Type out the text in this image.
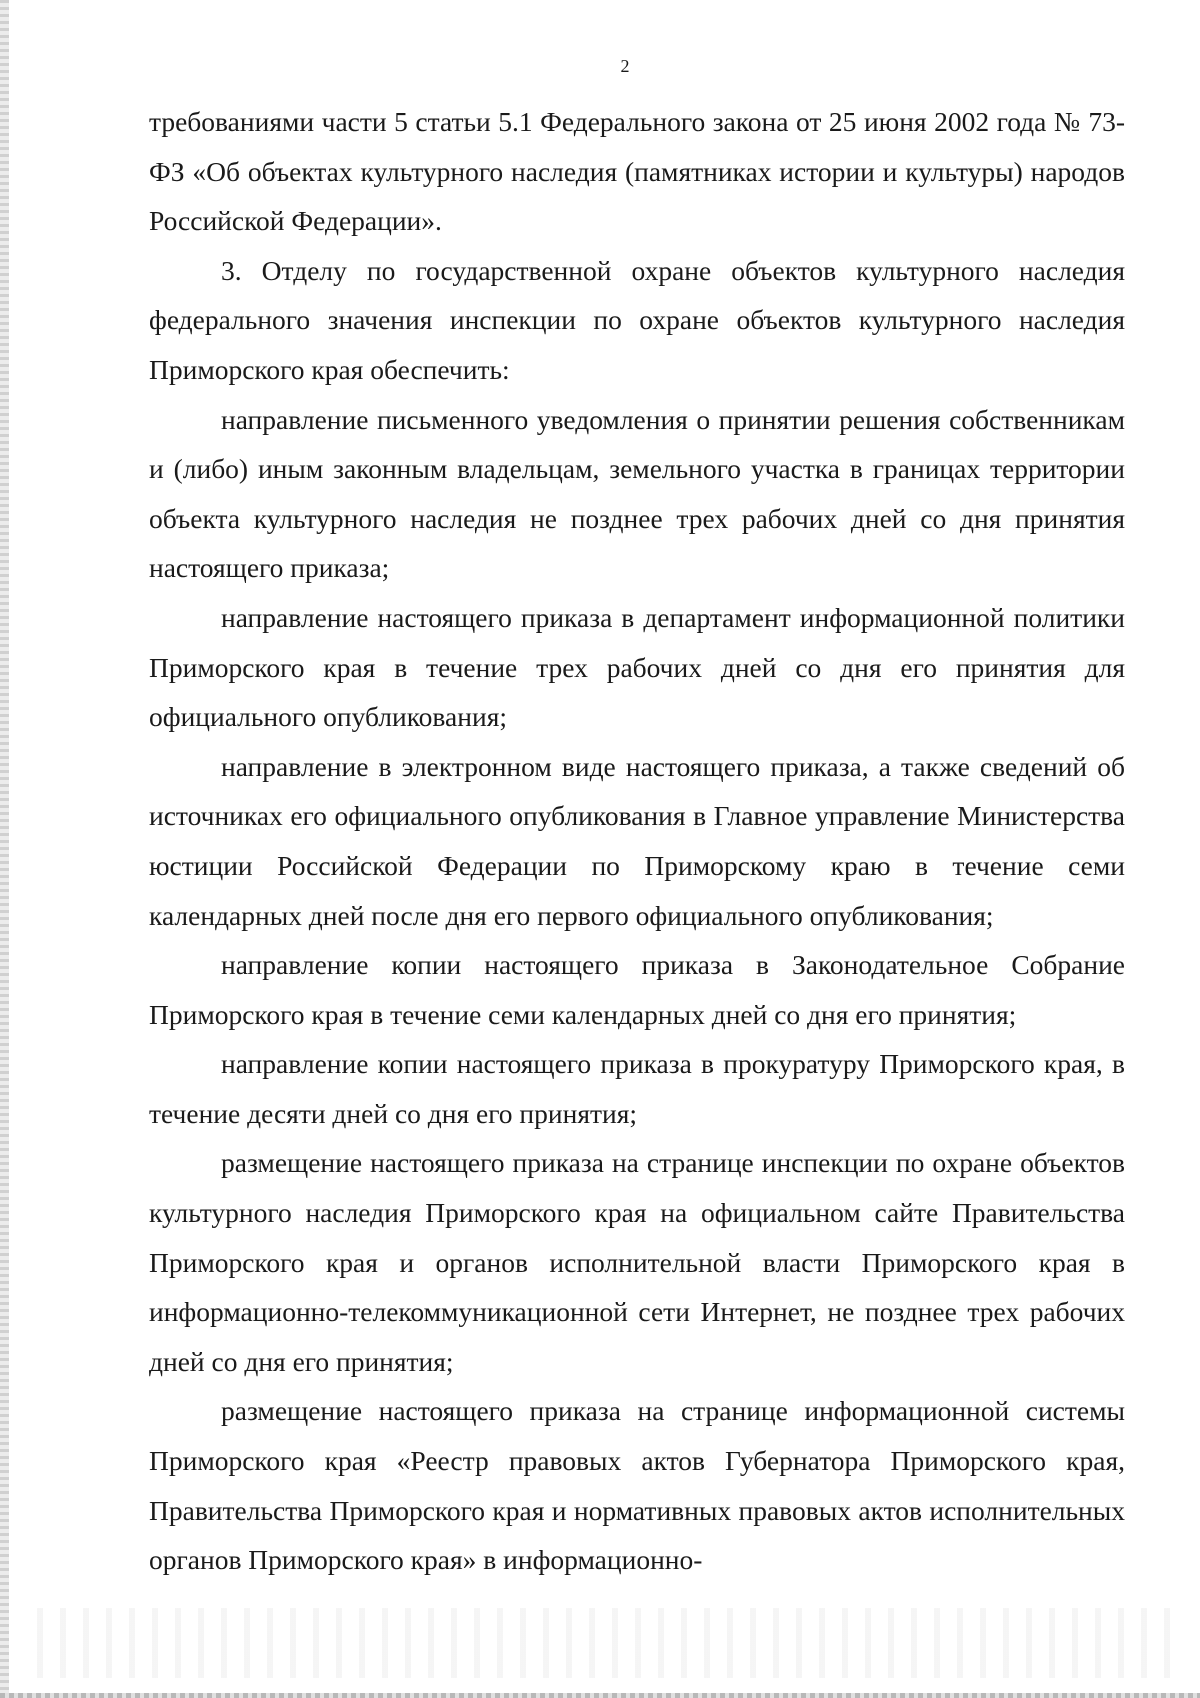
2

требованиями части 5 статьи 5.1 Федерального закона от 25 июня 2002 года № 73-ФЗ «Об объектах культурного наследия (памятниках истории и культуры) народов Российской Федерации».

3. Отделу по государственной охране объектов культурного наследия федерального значения инспекции по охране объектов культурного наследия Приморского края обеспечить:

направление письменного уведомления о принятии решения собственникам и (либо) иным законным владельцам, земельного участка в границах территории объекта культурного наследия не позднее трех рабочих дней со дня принятия настоящего приказа;

направление настоящего приказа в департамент информационной политики Приморского края в течение трех рабочих дней со дня его принятия для официального опубликования;

направление в электронном виде настоящего приказа, а также сведений об источниках его официального опубликования в Главное управление Министерства юстиции Российской Федерации по Приморскому краю в течение семи календарных дней после дня его первого официального опубликования;

направление копии настоящего приказа в Законодательное Собрание Приморского края в течение семи календарных дней со дня его принятия;

направление копии настоящего приказа в прокуратуру Приморского края, в течение десяти дней со дня его принятия;

размещение настоящего приказа на странице инспекции по охране объектов культурного наследия Приморского края на официальном сайте Правительства Приморского края и органов исполнительной власти Приморского края в информационно-телекоммуникационной сети Интернет, не позднее трех рабочих дней со дня его принятия;

размещение настоящего приказа на странице информационной системы Приморского края «Реестр правовых актов Губернатора Приморского края, Правительства Приморского края и нормативных правовых актов исполнительных органов Приморского края» в информационно-
